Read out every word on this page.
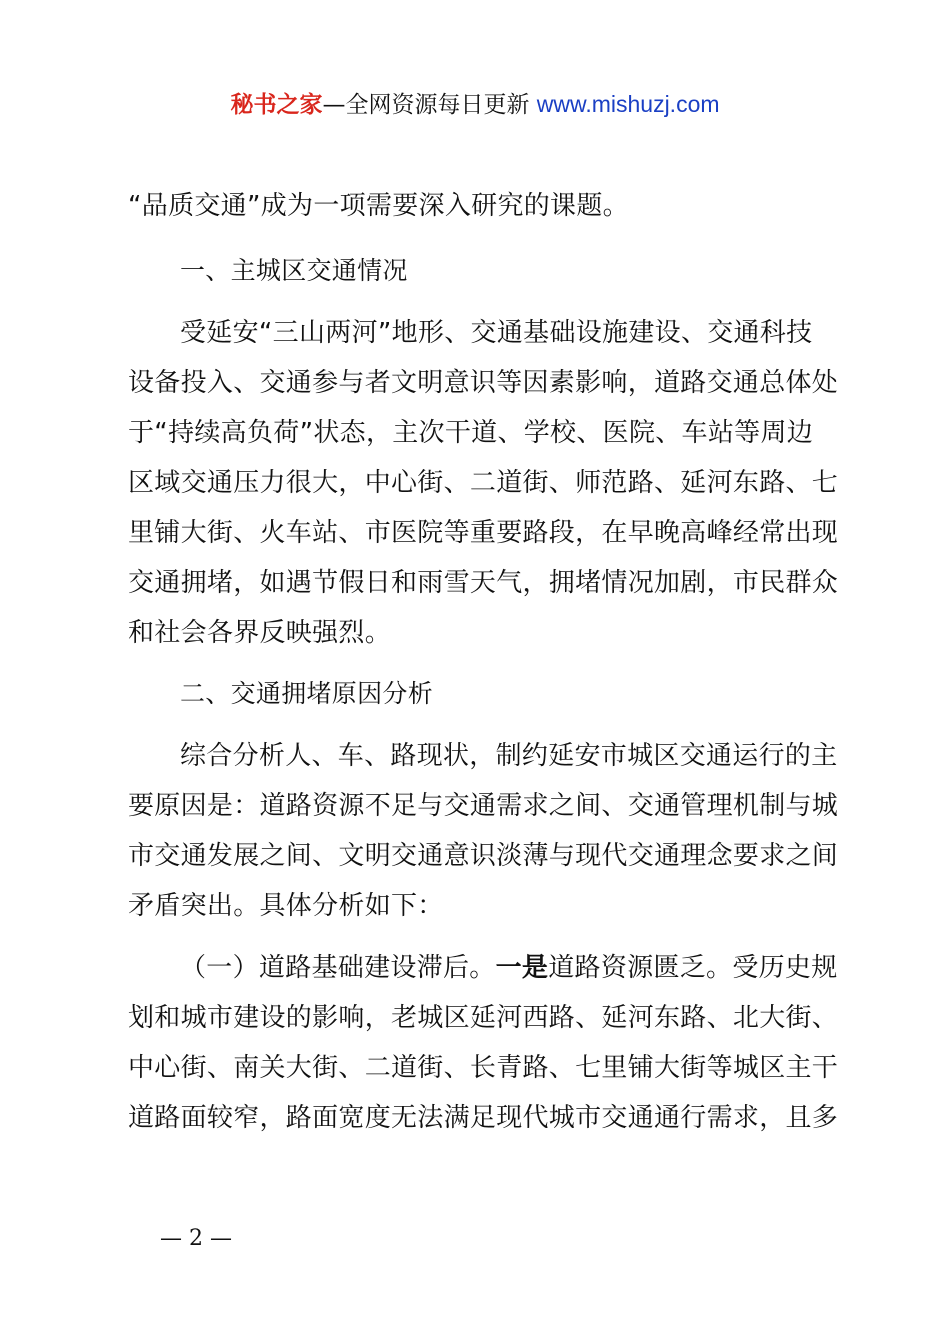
秘书之家—全网资源每日更新 www.mishuzj.com
“品质交通”成为一项需要深入研究的课题。
一、主城区交通情况
受延安“三山两河”地形、交通基础设施建设、交通科技
设备投入、交通参与者文明意识等因素影响，道路交通总体处
于“持续高负荷”状态，主次干道、学校、医院、车站等周边
区域交通压力很大，中心街、二道街、师范路、延河东路、七
里铺大街、火车站、市医院等重要路段，在早晚高峰经常出现
交通拥堵，如遇节假日和雨雪天气，拥堵情况加剧，市民群众
和社会各界反映强烈。
二、交通拥堵原因分析
综合分析人、车、路现状，制约延安市城区交通运行的主
要原因是：道路资源不足与交通需求之间、交通管理机制与城
市交通发展之间、文明交通意识淡薄与现代交通理念要求之间
矛盾突出。具体分析如下：
（一）道路基础建设滞后。一是道路资源匮乏。受历史规
划和城市建设的影响，老城区延河西路、延河东路、北大街、
中心街、南关大街、二道街、长青路、七里铺大街等城区主干
道路面较窄，路面宽度无法满足现代城市交通通行需求，且多
— 2 —
